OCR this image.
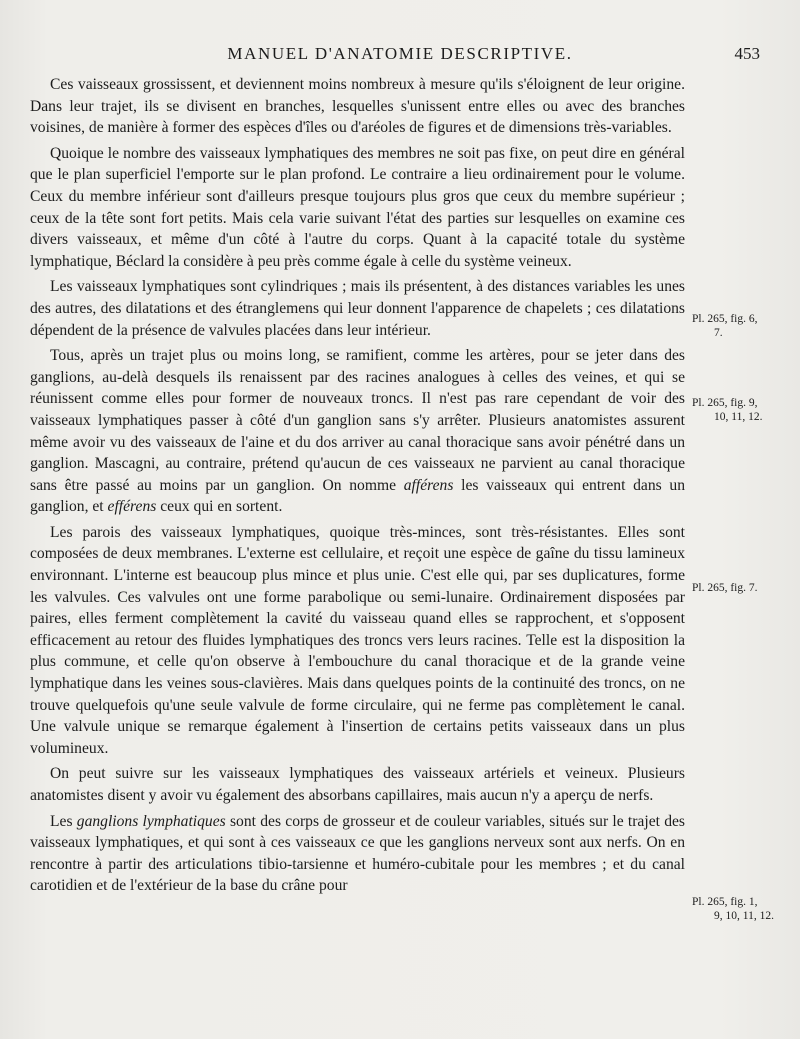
MANUEL D'ANATOMIE DESCRIPTIVE.	453

Ces vaisseaux grossissent, et deviennent moins nombreux à mesure qu'ils s'éloignent de leur origine. Dans leur trajet, ils se divisent en branches, lesquelles s'unissent entre elles ou avec des branches voisines, de manière à former des espèces d'îles ou d'aréoles de figures et de dimensions très-variables.

Quoique le nombre des vaisseaux lymphatiques des membres ne soit pas fixe, on peut dire en général que le plan superficiel l'emporte sur le plan profond. Le contraire a lieu ordinairement pour le volume. Ceux du membre inférieur sont d'ailleurs presque toujours plus gros que ceux du membre supérieur ; ceux de la tête sont fort petits. Mais cela varie suivant l'état des parties sur lesquelles on examine ces divers vaisseaux, et même d'un côté à l'autre du corps. Quant à la capacité totale du système lymphatique, Béclard la considère à peu près comme égale à celle du système veineux.

Les vaisseaux lymphatiques sont cylindriques ; mais ils présentent, à des distances variables les unes des autres, des dilatations et des étranglemens qui leur donnent l'apparence de chapelets ; ces dilatations dépendent de la présence de valvules placées dans leur intérieur.

Tous, après un trajet plus ou moins long, se ramifient, comme les artères, pour se jeter dans des ganglions, au-delà desquels ils renaissent par des racines analogues à celles des veines, et qui se réunissent comme elles pour former de nouveaux troncs. Il n'est pas rare cependant de voir des vaisseaux lymphatiques passer à côté d'un ganglion sans s'y arrêter. Plusieurs anatomistes assurent même avoir vu des vaisseaux de l'aine et du dos arriver au canal thoracique sans avoir pénétré dans un ganglion. Mascagni, au contraire, prétend qu'aucun de ces vaisseaux ne parvient au canal thoracique sans être passé au moins par un ganglion. On nomme afférens les vaisseaux qui entrent dans un ganglion, et efférens ceux qui en sortent.

Les parois des vaisseaux lymphatiques, quoique très-minces, sont très-résistantes. Elles sont composées de deux membranes. L'externe est cellulaire, et reçoit une espèce de gaîne du tissu lamineux environnant. L'interne est beaucoup plus mince et plus unie. C'est elle qui, par ses duplicatures, forme les valvules. Ces valvules ont une forme parabolique ou semi-lunaire. Ordinairement disposées par paires, elles ferment complètement la cavité du vaisseau quand elles se rapprochent, et s'opposent efficacement au retour des fluides lymphatiques des troncs vers leurs racines. Telle est la disposition la plus commune, et celle qu'on observe à l'embouchure du canal thoracique et de la grande veine lymphatique dans les veines sous-clavières. Mais dans quelques points de la continuité des troncs, on ne trouve quelquefois qu'une seule valvule de forme circulaire, qui ne ferme pas complètement le canal. Une valvule unique se remarque également à l'insertion de certains petits vaisseaux dans un plus volumineux.

On peut suivre sur les vaisseaux lymphatiques des vaisseaux artériels et veineux. Plusieurs anatomistes disent y avoir vu également des absorbans capillaires, mais aucun n'y a aperçu de nerfs.

Les ganglions lymphatiques sont des corps de grosseur et de couleur variables, situés sur le trajet des vaisseaux lymphatiques, et qui sont à ces vaisseaux ce que les ganglions nerveux sont aux nerfs. On en rencontre à partir des articulations tibio-tarsienne et huméro-cubitale pour les membres ; et du canal carotidien et de l'extérieur de la base du crâne pour

Pl. 265, fig. 6,
7.
Pl. 265, fig. 9,
10, 11, 12.
Pl. 265, fig. 7.
Pl. 265, fig. 1,
9, 10, 11, 12.
